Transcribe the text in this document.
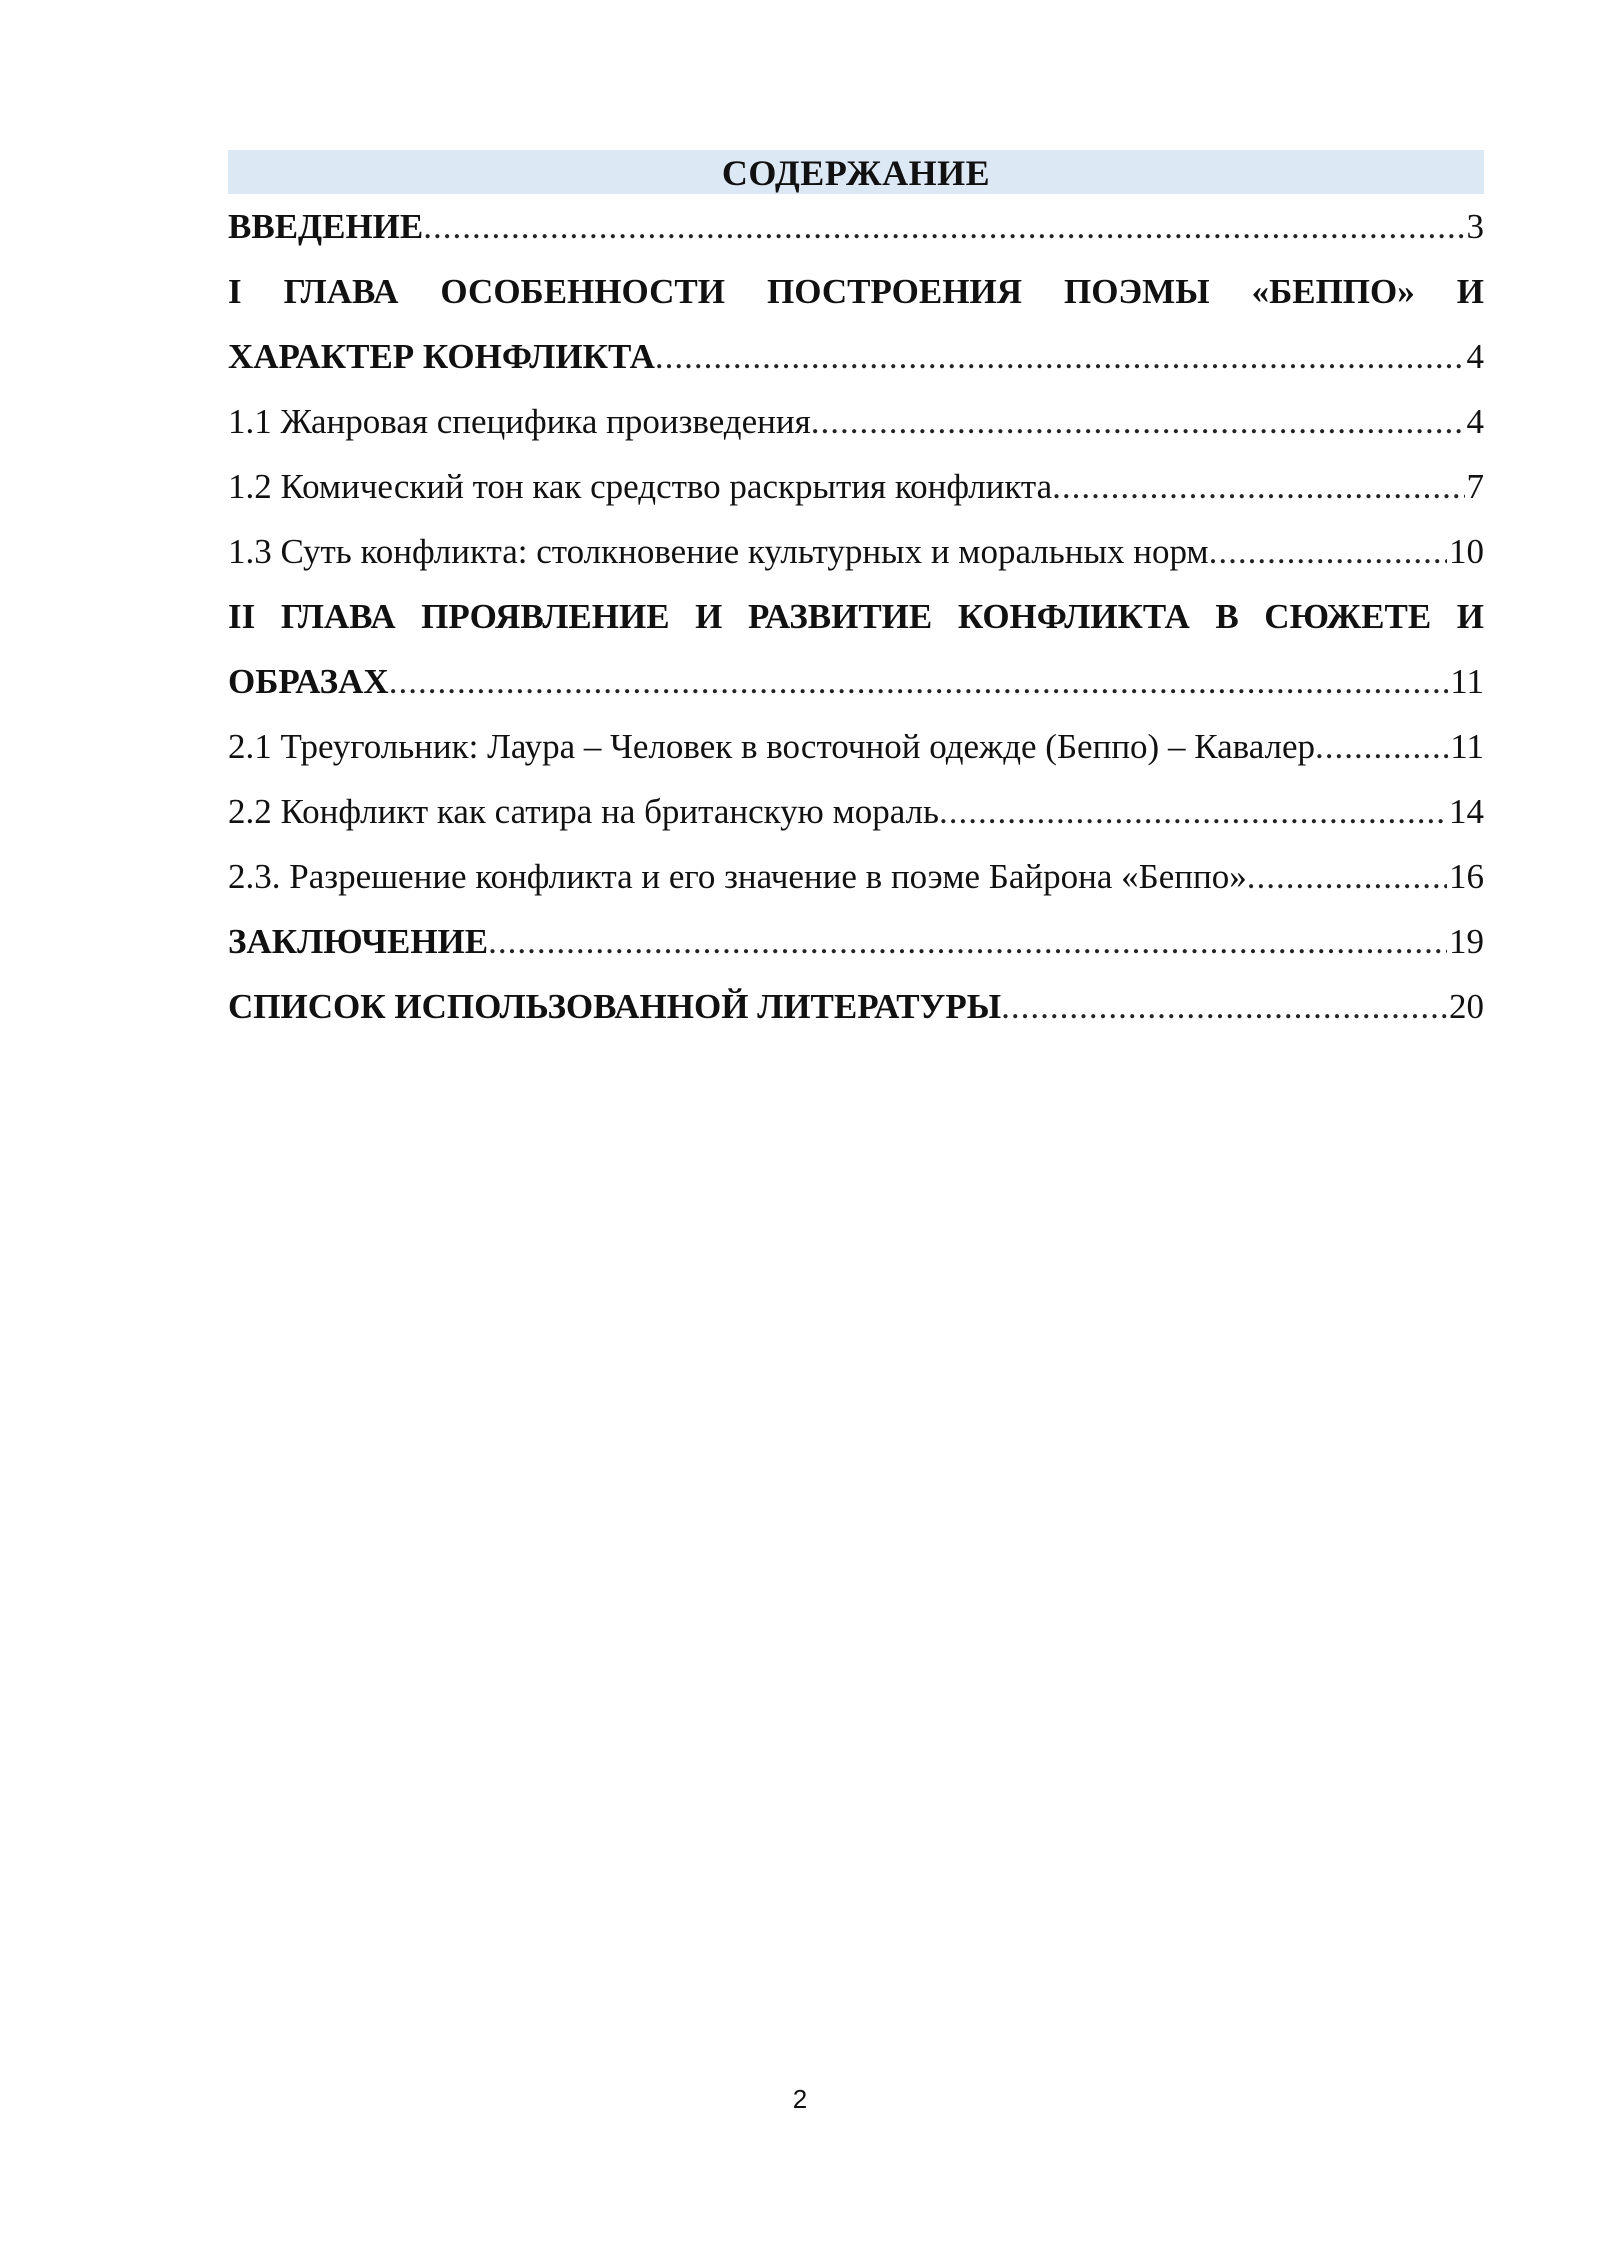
СОДЕРЖАНИЕ
ВВЕДЕНИЕ .....	3
I ГЛАВА ОСОБЕННОСТИ ПОСТРОЕНИЯ ПОЭМЫ «БЕППО» И
ХАРАКТЕР КОНФЛИКТА .....	4
1.1 Жанровая специфика произведения .....	4
1.2 Комический тон как средство раскрытия конфликта .....	7
1.3 Суть конфликта: столкновение культурных и моральных норм .....	10
II ГЛАВА ПРОЯВЛЕНИЕ И РАЗВИТИЕ КОНФЛИКТА В СЮЖЕТЕ И
ОБРАЗАХ .....	11
2.1 Треугольник: Лаура – Человек в восточной одежде (Беппо) – Кавалер .....	11
2.2 Конфликт как сатира на британскую мораль .....	14
2.3. Разрешение конфликта и его значение в поэме Байрона «Беппо» .....	16
ЗАКЛЮЧЕНИЕ .....	19
СПИСОК ИСПОЛЬЗОВАННОЙ ЛИТЕРАТУРЫ .....	20
2
